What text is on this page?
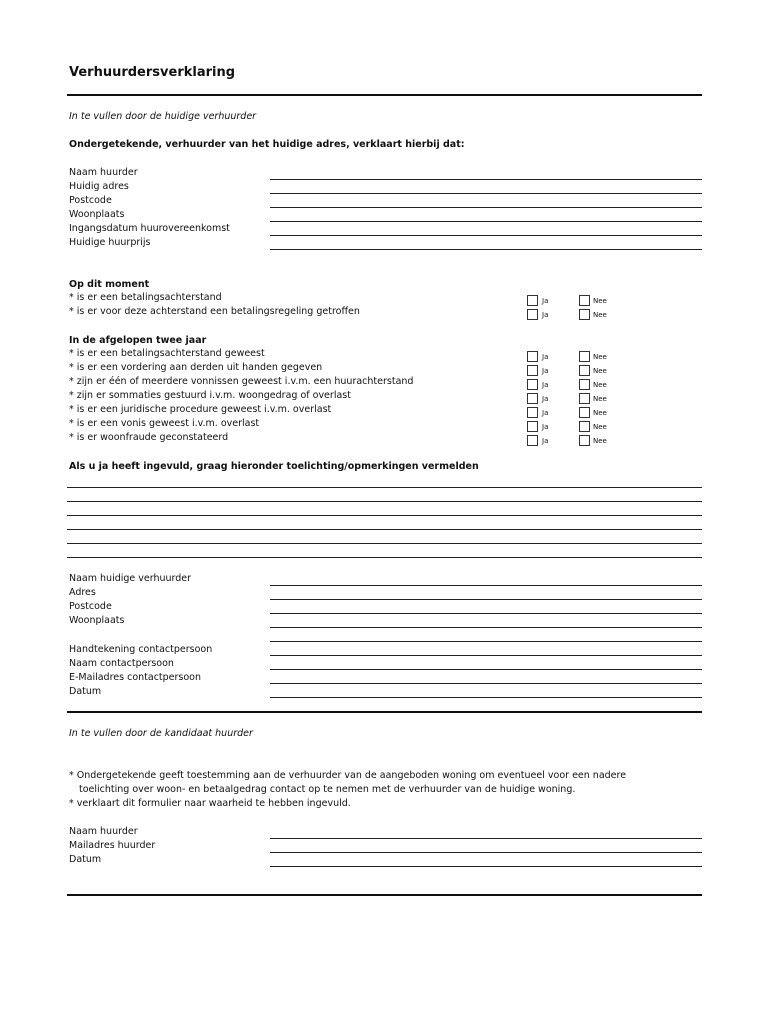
Verhuurdersverklaring
In te vullen door de huidige verhuurder
Ondergetekende, verhuurder van het huidige adres, verklaart hierbij dat:
Naam huurder
Huidig adres
Postcode
Woonplaats
Ingangsdatum huurovereenkomst
Huidige huurprijs
Op dit moment
* is er een betalingsachterstand	Ja	Nee
* is er voor deze achterstand een betalingsregeling getroffen	Ja	Nee
In de afgelopen twee jaar
* is er een betalingsachterstand geweest	Ja	Nee
* is er een vordering aan derden uit handen gegeven	Ja	Nee
* zijn er één of meerdere vonnissen geweest i.v.m. een huurachterstand	Ja	Nee
* zijn er sommaties gestuurd i.v.m. woongedrag of overlast	Ja	Nee
* is er een juridische procedure geweest i.v.m. overlast	Ja	Nee
* is er een vonis geweest i.v.m. overlast	Ja	Nee
* is er woonfraude geconstateerd	Ja	Nee
Als u ja heeft ingevuld, graag hieronder toelichting/opmerkingen vermelden
Naam huidige verhuurder
Adres
Postcode
Woonplaats
Handtekening contactpersoon
Naam contactpersoon
E-Mailadres contactpersoon
Datum
In te vullen door de kandidaat huurder
* Ondergetekende geeft toestemming aan de verhuurder van de aangeboden woning om eventueel voor een nadere
toelichting over woon- en betaalgedrag contact op te nemen met de verhuurder van de huidige woning.
* verklaart dit formulier naar waarheid te hebben ingevuld.
Naam huurder
Mailadres huurder
Datum
